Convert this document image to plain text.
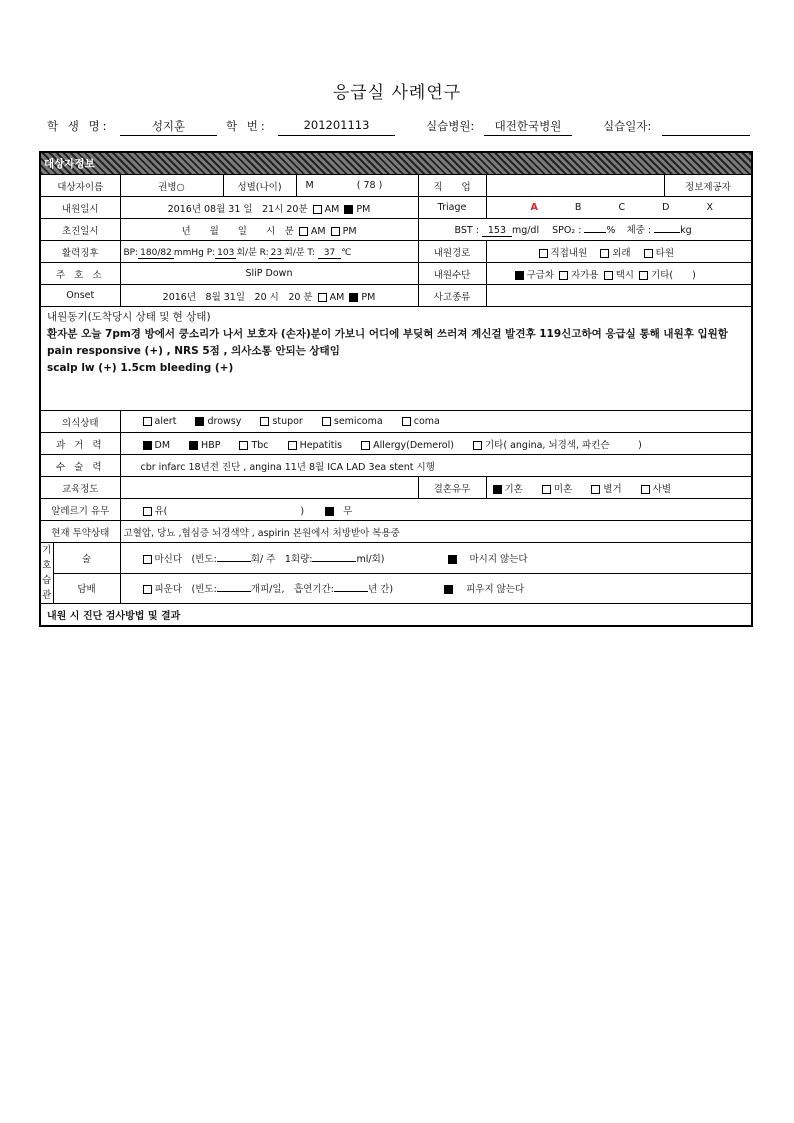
응급실 사례연구
학 생 명:	성지훈	학 번:	201201113	실습병원:	대전한국병원	실습일자:
대상자정보								
대상자이름		권병○	성별(나이)	M ( 78 )	직　　업		정보제공자	
내원일시		2016년 08월 31 일　21시 20분 AM PM			Triage	A B C D X		
초진일시		년　　월　　일　　시　분 AM PM			BST : 153 mg/dl SPO₂ : % 체중 : kg			
활력징후		BP: 180/82 mmHg P: 103 회/분 R: 23 회/분 T: 37 ℃			내원경로	직접내원 외래 타원		
주 호 소		SliP Down			내원수단	구급차 자가용 택시 기타(　　)		
Onset		2016년　8월 31일　20 시　20 분 AM PM			사고종류			

내원동기(도착당시 상태 및 현 상태)
환자분 오늘 7pm경 방에서 쿵소리가 나서 보호자 (손자)분이 가보니 어디에 부딪혀 쓰러져 계신걸 발견후 119신고하여 응급실 통해 내원후 입원함
pain responsive (+) , NRS 5점 , 의사소통 안되는 상태임
scalp lw (+) 1.5cm bleeding (+)								

의식상태		alert drowsy stupor semicoma coma						
과 거 력		DM HBP Tbc Hepatitis Allergy(Demerol) 기타( angina, 뇌경색, 파킨슨　　　)						
수 술 력		cbr infarc 18년전 진단 , angina 11년 8월 ICA LAD 3ea stent 시행						
교육정도					결혼유무	기혼 미혼 별거 사별		
알레르기 유무		유( ) 무						
현재 투약상태		고혈압, 당뇨 ,협심증 뇌경색약 , aspirin 본원에서 처방받아 복용중						
기호습관	술	마신다　(빈도: 회/ 주　1회량: ml/회) 마시지 않는다						
	담배	피운다　(빈도: 개피/일,　흡연기간: 년 간) 피우지 않는다						
내원 시 진단 검사방법 및 결과								
